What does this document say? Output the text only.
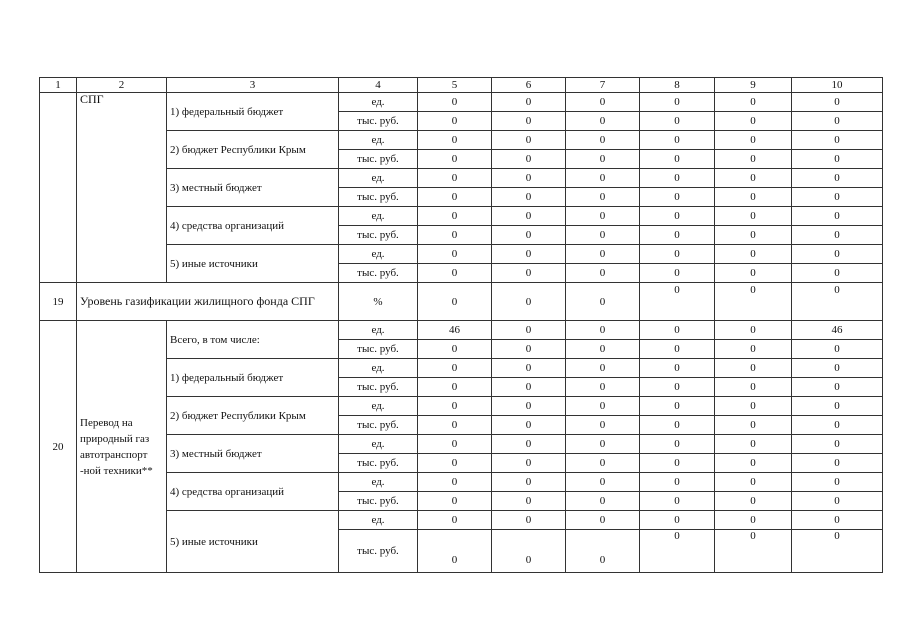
1	2	3	4	5	6	7	8	9	10
	СПГ	1) федеральный бюджет	ед.	0	0	0	0	0	0
			тыс. руб.	0	0	0	0	0	0
		2) бюджет Республики Крым	ед.	0	0	0	0	0	0
			тыс. руб.	0	0	0	0	0	0
		3) местный бюджет	ед.	0	0	0	0	0	0
			тыс. руб.	0	0	0	0	0	0
		4) средства организаций	ед.	0	0	0	0	0	0
			тыс. руб.	0	0	0	0	0	0
		5) иные источники	ед.	0	0	0	0	0	0
			тыс. руб.	0	0	0	0	0	0
19	Уровень газификации жилищного фонда СПГ		%	0	0	0	0	0	0
20	Перевод на природный газ автотранспорт -ной техники**	Всего, в том числе:	ед.	46	0	0	0	0	46
			тыс. руб.	0	0	0	0	0	0
		1) федеральный бюджет	ед.	0	0	0	0	0	0
			тыс. руб.	0	0	0	0	0	0
		2) бюджет Республики Крым	ед.	0	0	0	0	0	0
			тыс. руб.	0	0	0	0	0	0
		3) местный бюджет	ед.	0	0	0	0	0	0
			тыс. руб.	0	0	0	0	0	0
		4) средства организаций	ед.	0	0	0	0	0	0
			тыс. руб.	0	0	0	0	0	0
		5) иные источники	ед.	0	0	0	0	0	0
			тыс. руб.	0	0	0	0	0	0
